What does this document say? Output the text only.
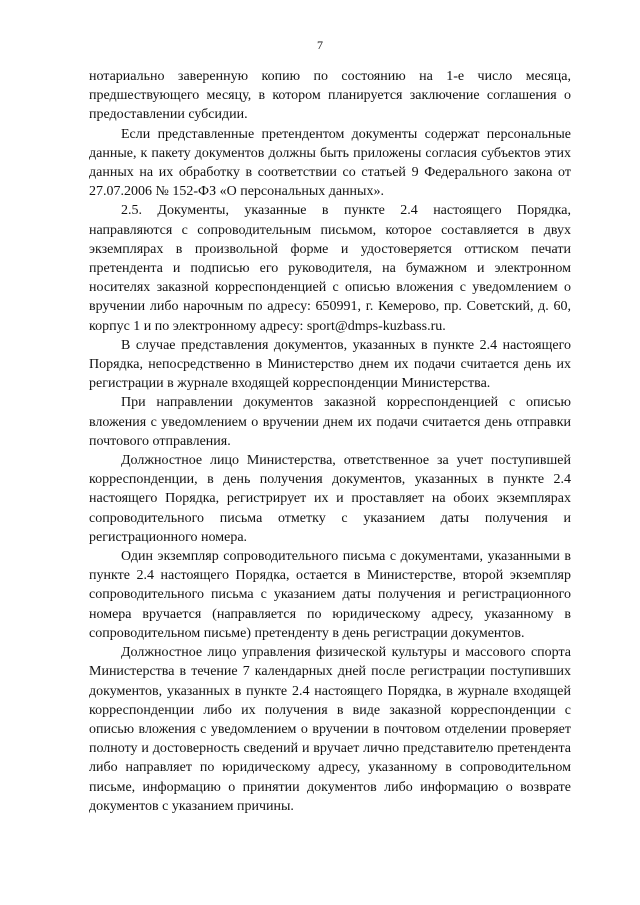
7

нотариально заверенную копию по состоянию на 1-е число месяца, предшествующего месяцу, в котором планируется заключение соглашения о предоставлении субсидии.

Если представленные претендентом документы содержат персональные данные, к пакету документов должны быть приложены согласия субъектов этих данных на их обработку в соответствии со статьей 9 Федерального закона от 27.07.2006 № 152-ФЗ «О персональных данных».

2.5. Документы, указанные в пункте 2.4 настоящего Порядка, направляются с сопроводительным письмом, которое составляется в двух экземплярах в произвольной форме и удостоверяется оттиском печати претендента и подписью его руководителя, на бумажном и электронном носителях заказной корреспонденцией с описью вложения с уведомлением о вручении либо нарочным по адресу: 650991, г. Кемерово, пр. Советский, д. 60, корпус 1 и по электронному адресу: sport@dmps-kuzbass.ru.

В случае представления документов, указанных в пункте 2.4 настоящего Порядка, непосредственно в Министерство днем их подачи считается день их регистрации в журнале входящей корреспонденции Министерства.

При направлении документов заказной корреспонденцией с описью вложения с уведомлением о вручении днем их подачи считается день отправки почтового отправления.

Должностное лицо Министерства, ответственное за учет поступившей корреспонденции, в день получения документов, указанных в пункте 2.4 настоящего Порядка, регистрирует их и проставляет на обоих экземплярах сопроводительного письма отметку с указанием даты получения и регистрационного номера.

Один экземпляр сопроводительного письма с документами, указанными в пункте 2.4 настоящего Порядка, остается в Министерстве, второй экземпляр сопроводительного письма с указанием даты получения и регистрационного номера вручается (направляется по юридическому адресу, указанному в сопроводительном письме) претенденту в день регистрации документов.

Должностное лицо управления физической культуры и массового спорта Министерства в течение 7 календарных дней после регистрации поступивших документов, указанных в пункте 2.4 настоящего Порядка, в журнале входящей корреспонденции либо их получения в виде заказной корреспонденции с описью вложения с уведомлением о вручении в почтовом отделении проверяет полноту и достоверность сведений и вручает лично представителю претендента либо направляет по юридическому адресу, указанному в сопроводительном письме, информацию о принятии документов либо информацию о возврате документов с указанием причины.
